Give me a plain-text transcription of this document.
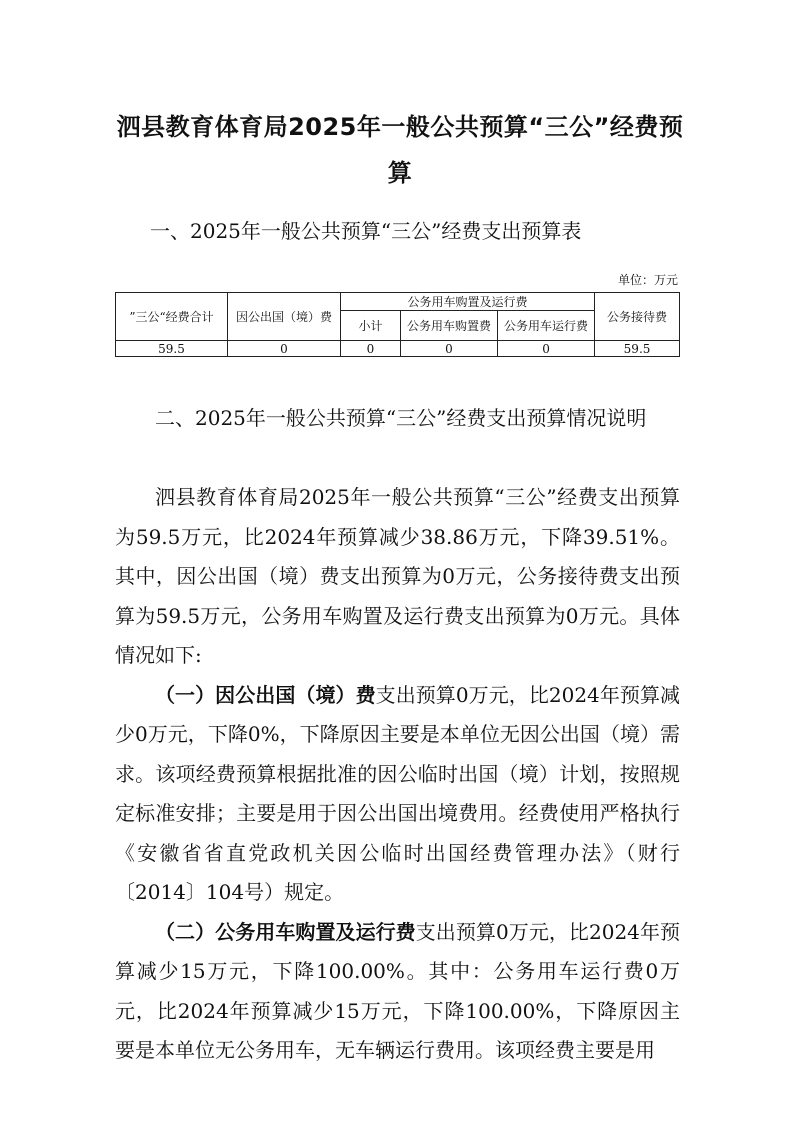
泗县教育体育局2025年一般公共预算“三公”经费预算
一、2025年一般公共预算“三公”经费支出预算表
单位：万元
”三公“经费合计	因公出国（境）费	公务用车购置及运行费			公务接待费
		小计	公务用车购置费	公务用车运行费	
59.5	0	0	0	0	59.5
二、2025年一般公共预算“三公”经费支出预算情况说明

泗县教育体育局2025年一般公共预算“三公”经费支出预算为59.5万元，比2024年预算减少38.86万元，下降39.51%。其中，因公出国（境）费支出预算为0万元，公务接待费支出预算为59.5万元，公务用车购置及运行费支出预算为0万元。具体情况如下:

（一）因公出国（境）费支出预算0万元，比2024年预算减少0万元，下降0%，下降原因主要是本单位无因公出国（境）需求。该项经费预算根据批准的因公临时出国（境）计划，按照规定标准安排；主要是用于因公出国出境费用。经费使用严格执行《安徽省省直党政机关因公临时出国经费管理办法》（财行〔2014〕104号）规定。

（二）公务用车购置及运行费支出预算0万元，比2024年预算减少15万元，下降100.00%。其中：公务用车运行费0万元，比2024年预算减少15万元，下降100.00%，下降原因主要是本单位无公务用车，无车辆运行费用。该项经费主要是用
